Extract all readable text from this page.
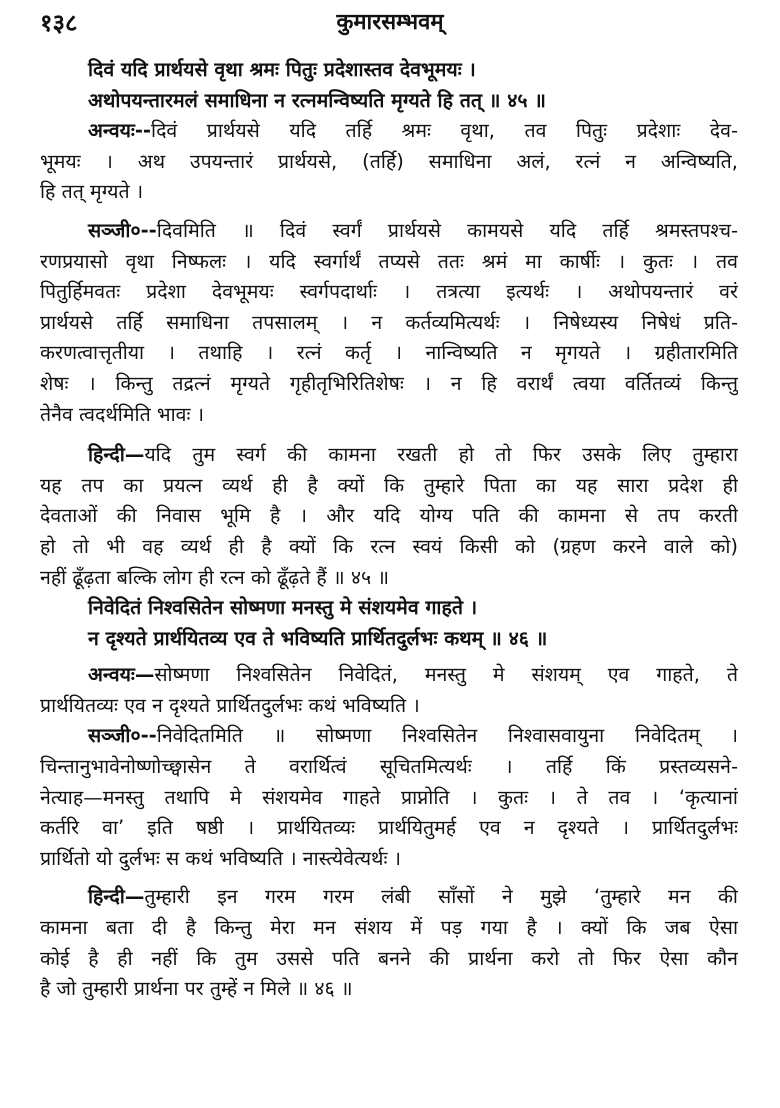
१३८	कुमारसम्भवम्
दिवं यदि प्रार्थयसे वृथा श्रमः पितुः प्रदेशास्तव देवभूमयः ।
अथोपयन्तारमलं समाधिना न रत्नमन्विष्यति मृग्यते हि तत् ॥ ४५ ॥
अन्वयः--दिवं प्रार्थयसे यदि तर्हि श्रमः वृथा, तव पितुः प्रदेशाः देव-
भूमयः । अथ उपयन्तारं प्रार्थयसे, (तर्हि) समाधिना अलं, रत्नं न अन्विष्यति,
हि तत् मृग्यते ।
सञ्जी०--दिवमिति ॥ दिवं स्वर्गं प्रार्थयसे कामयसे यदि तर्हि श्रमस्तपश्च-
रणप्रयासो वृथा निष्फलः । यदि स्वर्गार्थं तप्यसे ततः श्रमं मा कार्षीः । कुतः । तव
पितुर्हिमवतः प्रदेशा देवभूमयः स्वर्गपदार्थाः । तत्रत्या इत्यर्थः । अथोपयन्तारं वरं
प्रार्थयसे तर्हि समाधिना तपसालम् । न कर्तव्यमित्यर्थः । निषेध्यस्य निषेधं प्रति-
करणत्वात्तृतीया । तथाहि । रत्नं कर्तृ । नान्विष्यति न मृगयते । ग्रहीतारमिति
शेषः । किन्तु तद्रत्नं मृग्यते गृहीतृभिरितिशेषः । न हि वरार्थं त्वया वर्तितव्यं किन्तु
तेनैव त्वदर्थमिति भावः ।
हिन्दी—यदि तुम स्वर्ग की कामना रखती हो तो फिर उसके लिए तुम्हारा
यह तप का प्रयत्न व्यर्थ ही है क्यों कि तुम्हारे पिता का यह सारा प्रदेश ही
देवताओं की निवास भूमि है । और यदि योग्य पति की कामना से तप करती
हो तो भी वह व्यर्थ ही है क्यों कि रत्न स्वयं किसी को (ग्रहण करने वाले को)
नहीं ढूँढ़ता बल्कि लोग ही रत्न को ढूँढ़ते हैं ॥ ४५ ॥
निवेदितं निश्वसितेन सोष्मणा मनस्तु मे संशयमेव गाहते ।
न दृश्यते प्रार्थयितव्य एव ते भविष्यति प्रार्थितदुर्लभः कथम् ॥ ४६ ॥
अन्वयः—सोष्मणा निश्वसितेन निवेदितं, मनस्तु मे संशयम् एव गाहते, ते
प्रार्थयितव्यः एव न दृश्यते प्रार्थितदुर्लभः कथं भविष्यति ।
सञ्जी०--निवेदितमिति ॥ सोष्मणा निश्वसितेन निश्वासवायुना निवेदितम् ।
चिन्तानुभावेनोष्णोच्छ्वासेन ते वरार्थित्वं सूचितमित्यर्थः । तर्हि किं प्रस्तव्यसने-
नेत्याह—मनस्तु तथापि मे संशयमेव गाहते प्राप्नोति । कुतः । ते तव । ‘कृत्यानां
कर्तरि वा’ इति षष्ठी । प्रार्थयितव्यः प्रार्थयितुमर्ह एव न दृश्यते । प्रार्थितदुर्लभः
प्रार्थितो यो दुर्लभः स कथं भविष्यति । नास्त्येवेत्यर्थः ।
हिन्दी—तुम्हारी इन गरम गरम लंबी साँसों ने मुझे ‘तुम्हारे मन की
कामना बता दी है किन्तु मेरा मन संशय में पड़ गया है । क्यों कि जब ऐसा
कोई है ही नहीं कि तुम उससे पति बनने की प्रार्थना करो तो फिर ऐसा कौन
है जो तुम्हारी प्रार्थना पर तुम्हें न मिले ॥ ४६ ॥
